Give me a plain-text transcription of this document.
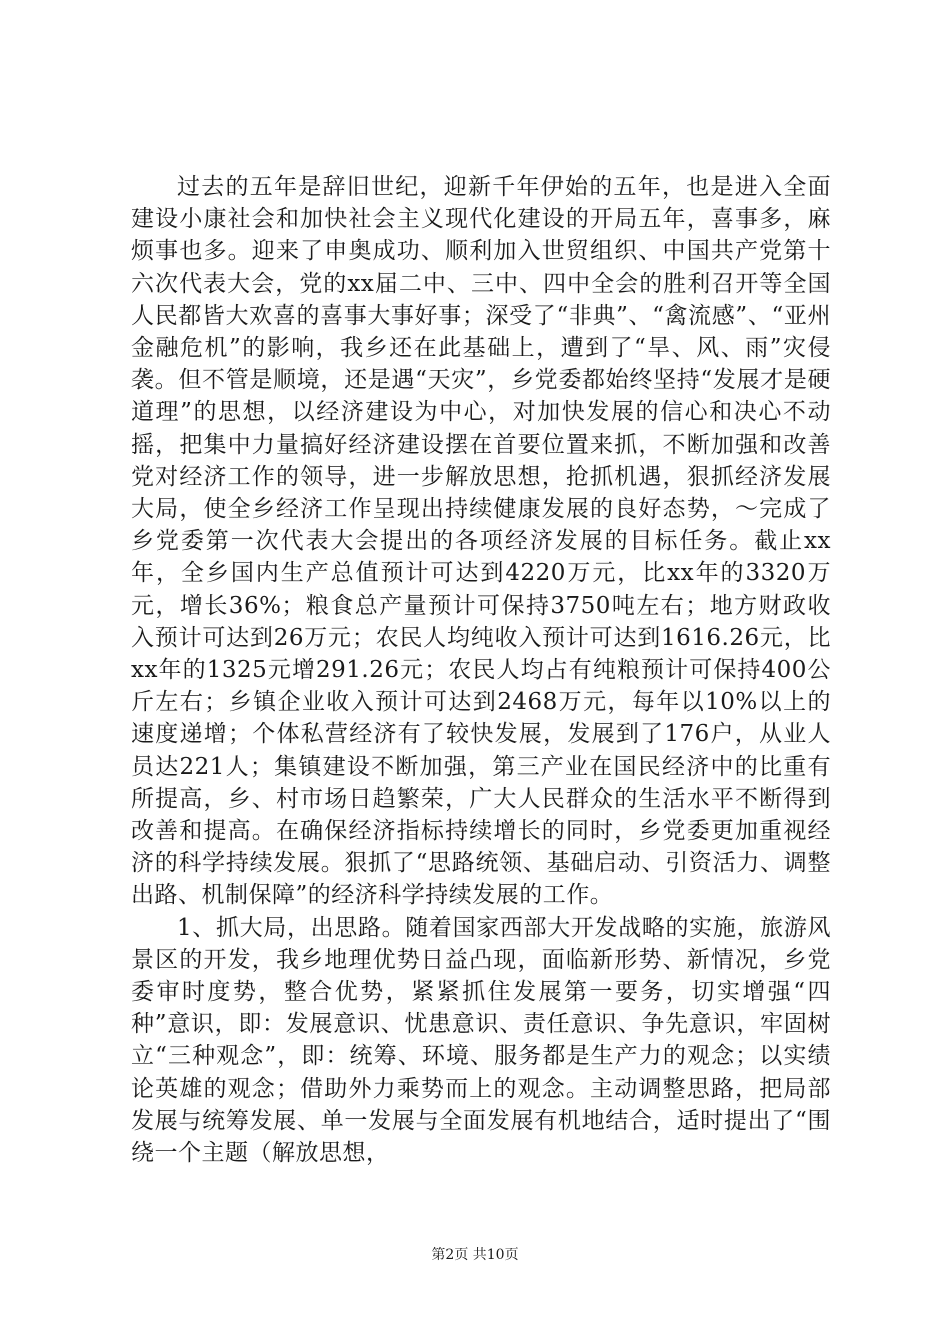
过去的五年是辞旧世纪，迎新千年伊始的五年，也是进入全面建设小康社会和加快社会主义现代化建设的开局五年，喜事多，麻烦事也多。迎来了申奥成功、顺利加入世贸组织、中国共产党第十六次代表大会，党的xx届二中、三中、四中全会的胜利召开等全国人民都皆大欢喜的喜事大事好事；深受了“非典”、“禽流感”、“亚州金融危机”的影响，我乡还在此基础上，遭到了“旱、风、雨”灾侵袭。但不管是顺境，还是遇“天灾”，乡党委都始终坚持“发展才是硬道理”的思想，以经济建设为中心，对加快发展的信心和决心不动摇，把集中力量搞好经济建设摆在首要位置来抓，不断加强和改善党对经济工作的领导，进一步解放思想，抢抓机遇，狠抓经济发展大局，使全乡经济工作呈现出持续健康发展的良好态势，～完成了乡党委第一次代表大会提出的各项经济发展的目标任务。截止xx年，全乡国内生产总值预计可达到4220万元，比xx年的3320万元，增长36%；粮食总产量预计可保持3750吨左右；地方财政收入预计可达到26万元；农民人均纯收入预计可达到1616.26元，比xx年的1325元增291.26元；农民人均占有纯粮预计可保持400公斤左右；乡镇企业收入预计可达到2468万元，每年以10%以上的速度递增；个体私营经济有了较快发展，发展到了176户，从业人员达221人；集镇建设不断加强，第三产业在国民经济中的比重有所提高，乡、村市场日趋繁荣，广大人民群众的生活水平不断得到改善和提高。在确保经济指标持续增长的同时，乡党委更加重视经济的科学持续发展。狠抓了“思路统领、基础启动、引资活力、调整出路、机制保障”的经济科学持续发展的工作。

1、抓大局，出思路。随着国家西部大开发战略的实施，旅游风景区的开发，我乡地理优势日益凸现，面临新形势、新情况，乡党委审时度势，整合优势，紧紧抓住发展第一要务，切实增强“四种”意识，即：发展意识、忧患意识、责任意识、争先意识，牢固树立“三种观念”，即：统筹、环境、服务都是生产力的观念；以实绩论英雄的观念；借助外力乘势而上的观念。主动调整思路，把局部发展与统筹发展、单一发展与全面发展有机地结合，适时提出了“围绕一个主题（解放思想，

第2页 共10页
